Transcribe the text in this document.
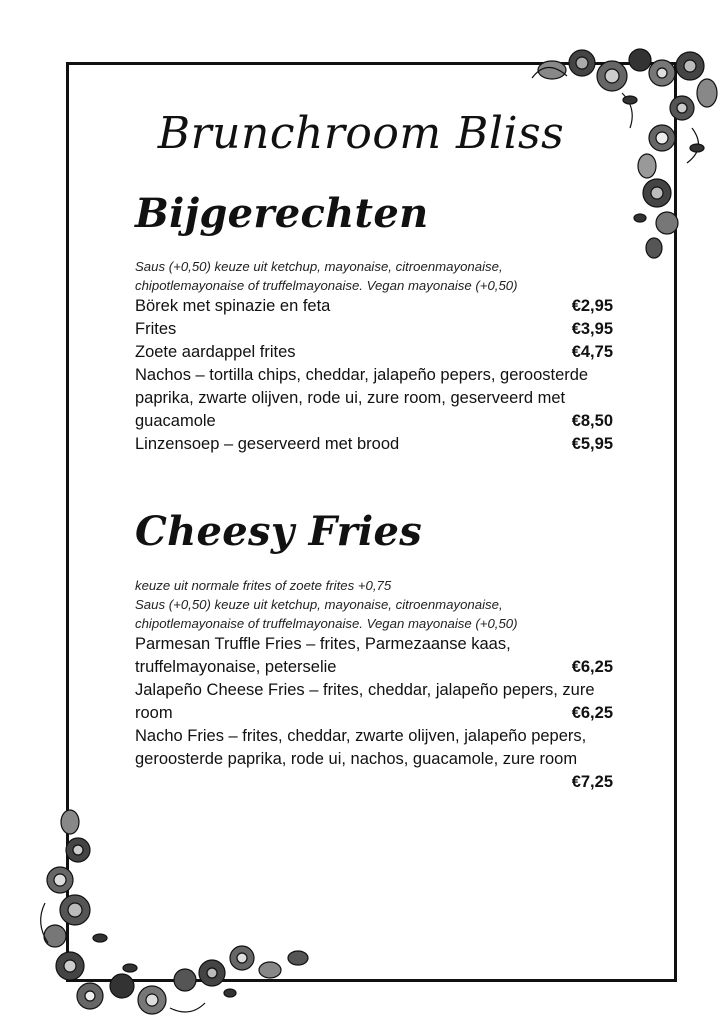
Brunchroom Bliss
Bijgerechten
Saus (+0,50) keuze uit ketchup, mayonaise, citroenmayonaise,
chipotlemayonaise of truffelmayonaise. Vegan mayonaise (+0,50)
Börek met spinazie en feta	€2,95
Frites	€3,95
Zoete aardappel frites	€4,75
Nachos – tortilla chips, cheddar, jalapeño pepers, geroosterde
paprika, zwarte olijven, rode ui, zure room, geserveerd met
guacamole	€8,50
Linzensoep – geserveerd met brood	€5,95
Cheesy Fries
keuze uit normale frites of zoete frites +0,75
Saus (+0,50) keuze uit ketchup, mayonaise, citroenmayonaise,
chipotlemayonaise of truffelmayonaise. Vegan mayonaise (+0,50)
Parmesan Truffle Fries – frites, Parmezaanse kaas,
truffelmayonaise, peterselie	€6,25
Jalapeño Cheese Fries – frites, cheddar, jalapeño pepers, zure
room	€6,25
Nacho Fries – frites, cheddar, zwarte olijven, jalapeño pepers,
geroosterde paprika, rode ui, nachos, guacamole, zure room
€7,25
